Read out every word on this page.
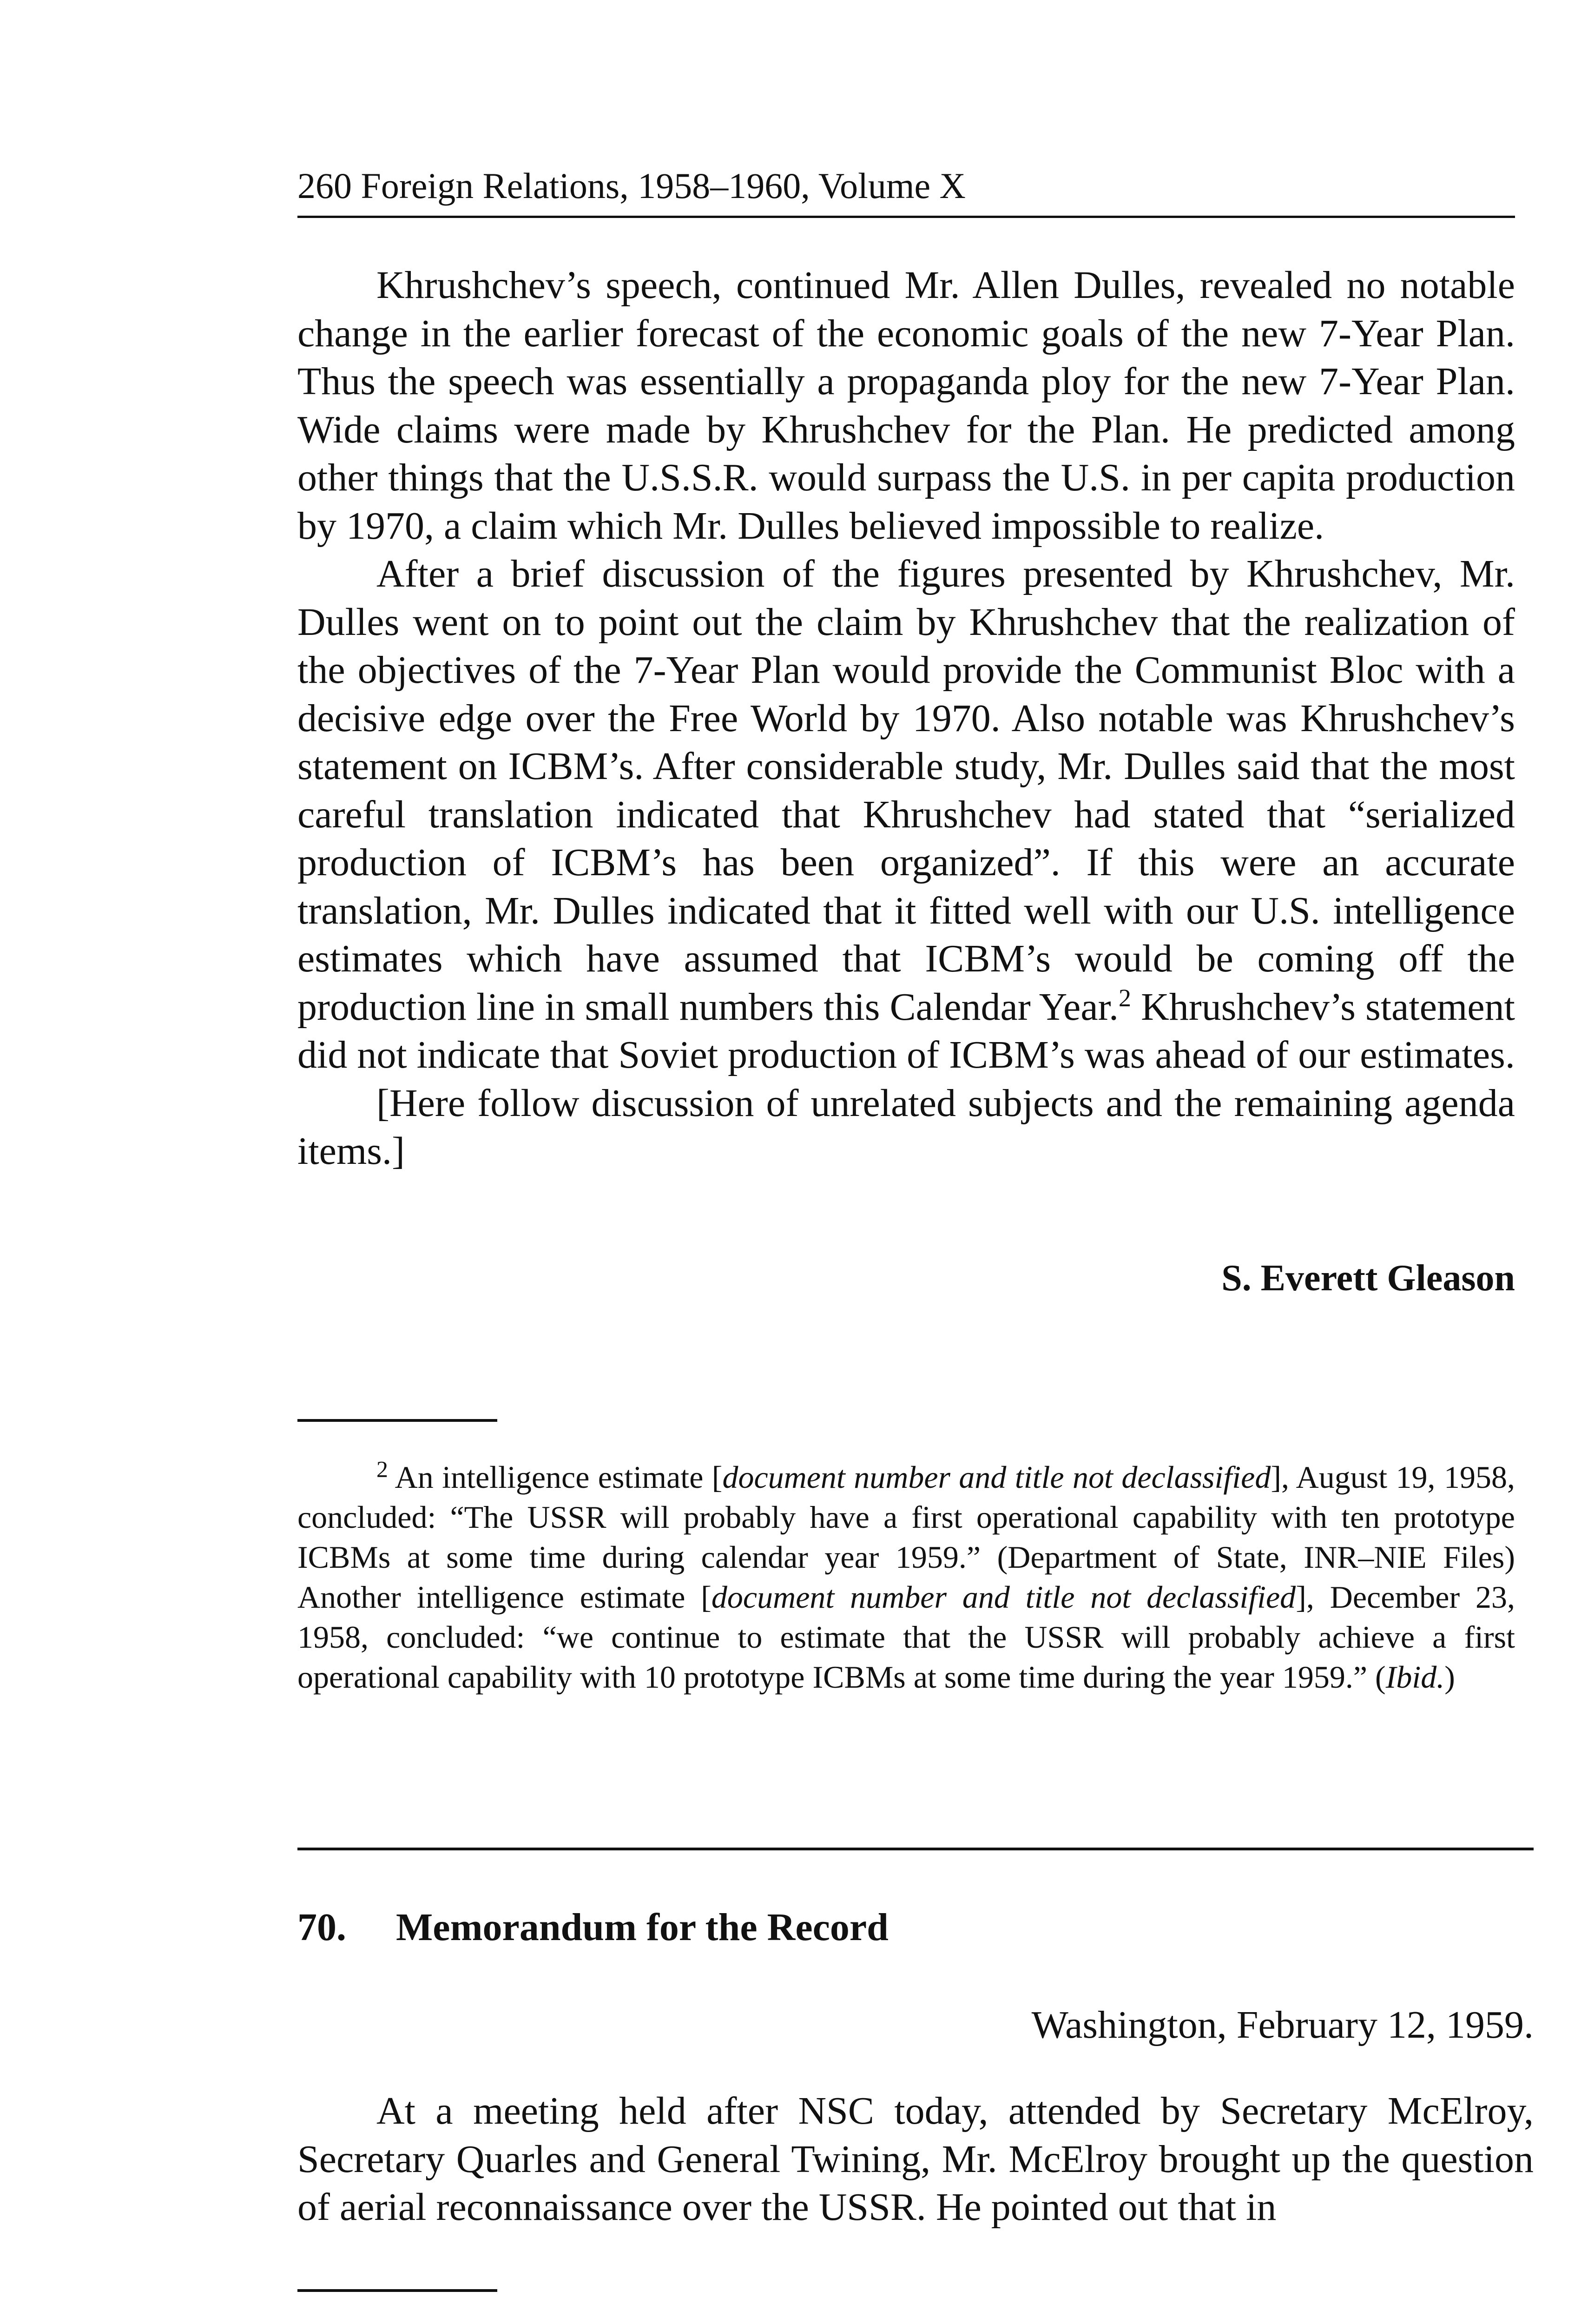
260 Foreign Relations, 1958–1960, Volume X

Khrushchev’s speech, continued Mr. Allen Dulles, revealed no notable change in the earlier forecast of the economic goals of the new 7-Year Plan. Thus the speech was essentially a propaganda ploy for the new 7-Year Plan. Wide claims were made by Khrushchev for the Plan. He predicted among other things that the U.S.S.R. would surpass the U.S. in per capita production by 1970, a claim which Mr. Dulles believed impossible to realize.

After a brief discussion of the figures presented by Khrushchev, Mr. Dulles went on to point out the claim by Khrushchev that the realization of the objectives of the 7-Year Plan would provide the Communist Bloc with a decisive edge over the Free World by 1970. Also notable was Khrushchev’s statement on ICBM’s. After considerable study, Mr. Dulles said that the most careful translation indicated that Khrushchev had stated that “serialized production of ICBM’s has been organized”. If this were an accurate translation, Mr. Dulles indicated that it fitted well with our U.S. intelligence estimates which have assumed that ICBM’s would be coming off the production line in small numbers this Calendar Year.$^2$ Khrushchev’s statement did not indicate that Soviet production of ICBM’s was ahead of our estimates.

[Here follow discussion of unrelated subjects and the remaining agenda items.]

S. Everett Gleason

$^2$ An intelligence estimate [document number and title not declassified], August 19, 1958, concluded: “The USSR will probably have a first operational capability with ten prototype ICBMs at some time during calendar year 1959.” (Department of State, INR–NIE Files) Another intelligence estimate [document number and title not declassified], December 23, 1958, concluded: “we continue to estimate that the USSR will probably achieve a first operational capability with 10 prototype ICBMs at some time during the year 1959.” (Ibid.)

70. Memorandum for the Record
Washington, February 12, 1959.

At a meeting held after NSC today, attended by Secretary McElroy, Secretary Quarles and General Twining, Mr. McElroy brought up the question of aerial reconnaissance over the USSR. He pointed out that in
